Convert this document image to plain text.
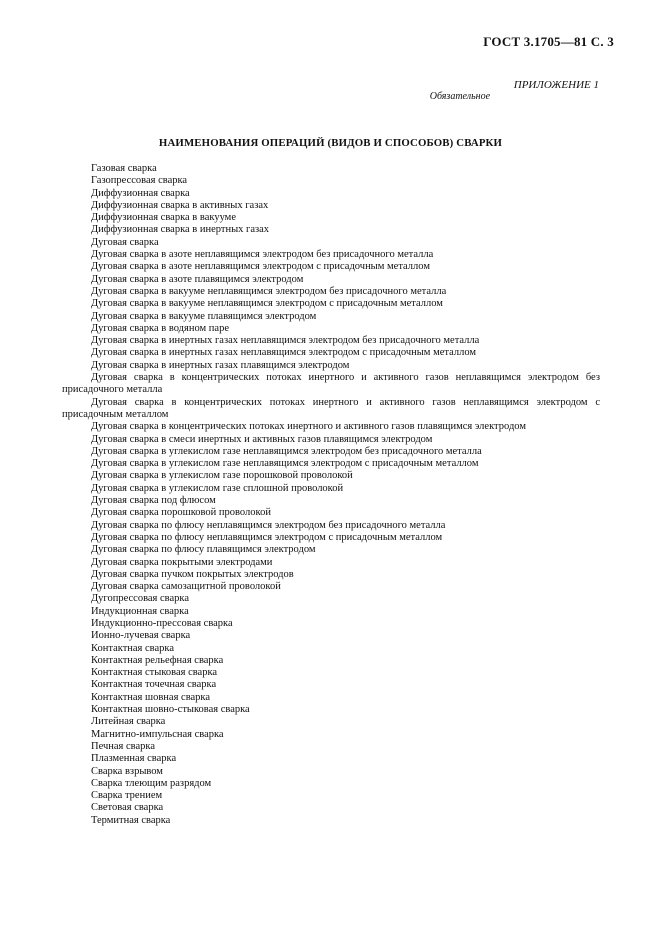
ГОСТ 3.1705—81 С. 3
ПРИЛОЖЕНИЕ 1
Обязательное
НАИМЕНОВАНИЯ ОПЕРАЦИЙ (ВИДОВ И СПОСОБОВ) СВАРКИ
Газовая сварка
Газопрессовая сварка
Диффузионная сварка
Диффузионная сварка в активных газах
Диффузионная сварка в вакууме
Диффузионная сварка в инертных газах
Дуговая сварка
Дуговая сварка в азоте неплавящимся электродом без присадочного металла
Дуговая сварка в азоте неплавящимся электродом с присадочным металлом
Дуговая сварка в азоте плавящимся электродом
Дуговая сварка в вакууме неплавящимся электродом без присадочного металла
Дуговая сварка в вакууме неплавящимся электродом с присадочным металлом
Дуговая сварка в вакууме плавящимся электродом
Дуговая сварка в водяном паре
Дуговая сварка в инертных газах неплавящимся электродом без присадочного металла
Дуговая сварка в инертных газах неплавящимся электродом с присадочным металлом
Дуговая сварка в инертных газах плавящимся электродом
Дуговая сварка в концентрических потоках инертного и активного газов неплавящимся электродом без присадочного металла
Дуговая сварка в концентрических потоках инертного и активного газов неплавящимся электродом с присадочным металлом
Дуговая сварка в концентрических потоках инертного и активного газов плавящимся электродом
Дуговая сварка в смеси инертных и активных газов плавящимся электродом
Дуговая сварка в углекислом газе неплавящимся электродом без присадочного металла
Дуговая сварка в углекислом газе неплавящимся электродом с присадочным металлом
Дуговая сварка в углекислом газе порошковой проволокой
Дуговая сварка в углекислом газе сплошной проволокой
Дуговая сварка под флюсом
Дуговая сварка порошковой проволокой
Дуговая сварка по флюсу неплавящимся электродом без присадочного металла
Дуговая сварка по флюсу неплавящимся электродом с присадочным металлом
Дуговая сварка по флюсу плавящимся электродом
Дуговая сварка покрытыми электродами
Дуговая сварка пучком покрытых электродов
Дуговая сварка самозащитной проволокой
Дугопрессовая сварка
Индукционная сварка
Индукционно-прессовая сварка
Ионно-лучевая сварка
Контактная сварка
Контактная рельефная сварка
Контактная стыковая сварка
Контактная точечная сварка
Контактная шовная сварка
Контактная шовно-стыковая сварка
Литейная сварка
Магнитно-импульсная сварка
Печная сварка
Плазменная сварка
Сварка взрывом
Сварка тлеющим разрядом
Сварка трением
Световая сварка
Термитная сварка
